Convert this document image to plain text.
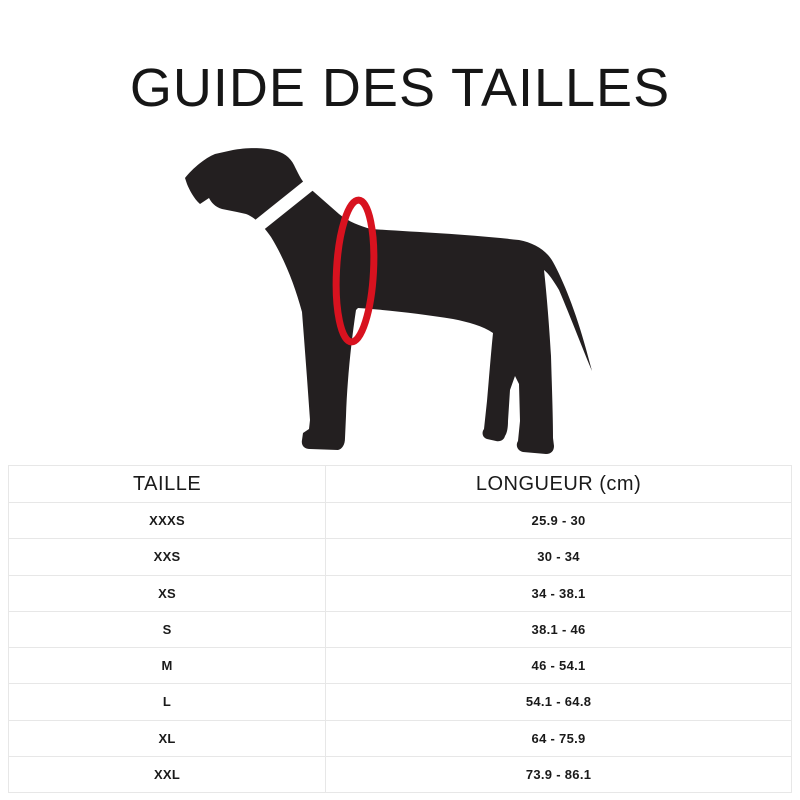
GUIDE DES TAILLES
TAILLE	LONGUEUR (cm)
XXXS	25.9 - 30
XXS	30 - 34
XS	34 - 38.1
S	38.1 - 46
M	46 - 54.1
L	54.1 - 64.8
XL	64 - 75.9
XXL	73.9 - 86.1
